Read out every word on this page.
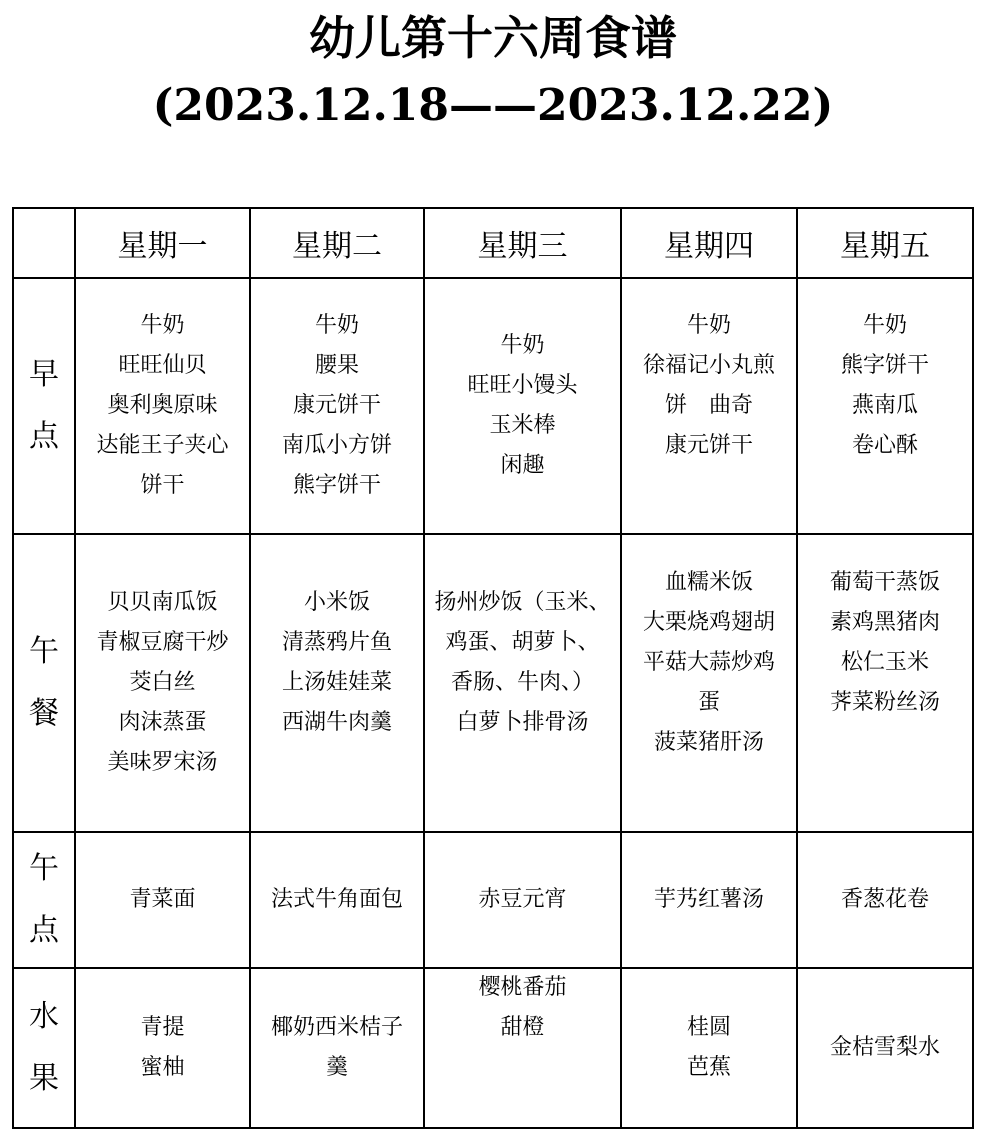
幼儿第十六周食谱
(2023.12.18——2023.12.22)
	星期一	星期二	星期三	星期四	星期五

早
点	牛奶
旺旺仙贝
奥利奥原味
达能王子夹心
饼干	牛奶
腰果
康元饼干
南瓜小方饼
熊字饼干	牛奶
旺旺小馒头
玉米棒
闲趣	牛奶
徐福记小丸煎
饼　曲奇
康元饼干	牛奶
熊字饼干
燕南瓜
卷心酥

午
餐	贝贝南瓜饭
青椒豆腐干炒
茭白丝
肉沫蒸蛋
美味罗宋汤	小米饭
清蒸鸦片鱼
上汤娃娃菜
西湖牛肉羹	扬州炒饭（玉米、
鸡蛋、胡萝卜、
香肠、牛肉、）
白萝卜排骨汤	血糯米饭
大栗烧鸡翅胡
平菇大蒜炒鸡
蛋
菠菜猪肝汤	葡萄干蒸饭
素鸡黑猪肉
松仁玉米
荠菜粉丝汤

午
点	青菜面	法式牛角面包	赤豆元宵	芋艿红薯汤	香葱花卷

水
果	青提
蜜柚	椰奶西米桔子
羹	樱桃番茄
甜橙	桂圆
芭蕉	金桔雪梨水
